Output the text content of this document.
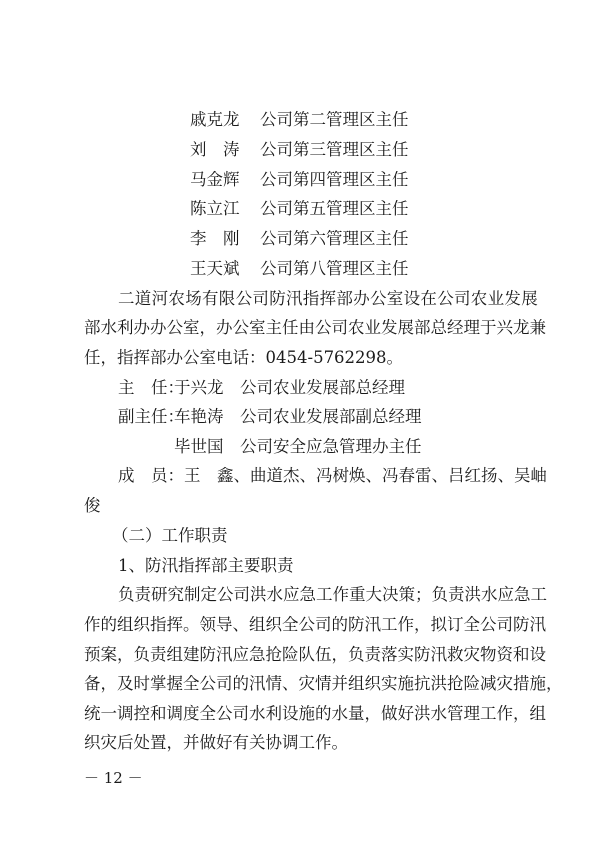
戚克龙 公司第二管理区主任
刘　涛 公司第三管理区主任
马金辉 公司第四管理区主任
陈立江 公司第五管理区主任
李　刚 公司第六管理区主任
王天斌 公司第八管理区主任
二道河农场有限公司防汛指挥部办公室设在公司农业发展
部水利办办公室，办公室主任由公司农业发展部总经理于兴龙兼
任，指挥部办公室电话：0454-5762298。
主　任：
于兴龙 公司农业发展部总经理
副主任：
车艳涛 公司农业发展部副总经理
毕世国 公司安全应急管理办主任
成　员：王　鑫、曲道杰、冯树焕、冯春雷、吕红扬、吴岫
俊
（二）工作职责
1、防汛指挥部主要职责
负责研究制定公司洪水应急工作重大决策；负责洪水应急工
作的组织指挥。领导、组织全公司的防汛工作，拟订全公司防汛
预案，负责组建防汛应急抢险队伍，负责落实防汛救灾物资和设
备，及时掌握全公司的汛情、灾情并组织实施抗洪抢险减灾措施，
统一调控和调度全公司水利设施的水量，做好洪水管理工作，组
织灾后处置，并做好有关协调工作。
－ 12 －
